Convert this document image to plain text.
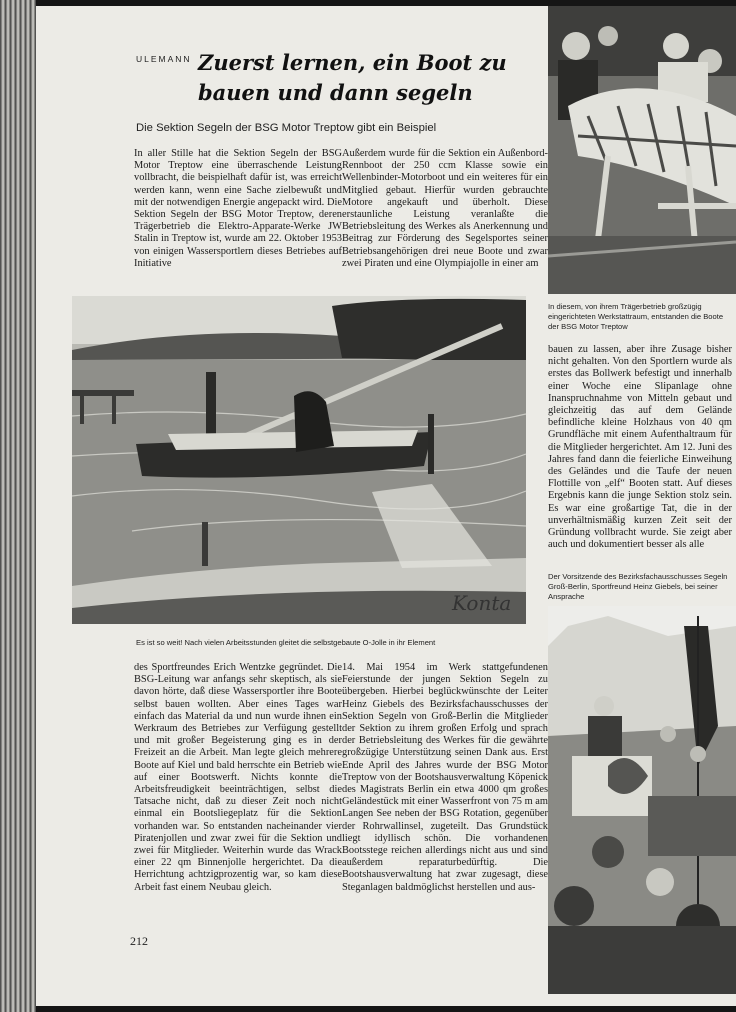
ULEMANN Zuerst lernen, ein Boot zu bauen und dann segeln
Die Sektion Segeln der BSG Motor Treptow gibt ein Beispiel

In aller Stille hat die Sektion Segeln der BSG Motor Treptow eine überraschende Leistung vollbracht, die beispielhaft dafür ist, was erreicht werden kann, wenn eine Sache zielbewußt und mit der notwendigen Energie angepackt wird. Die Sektion Segeln der BSG Motor Treptow, deren Trägerbetrieb die Elektro-Apparate-Werke JW Stalin in Treptow ist, wurde am 22. Oktober 1953 von einigen Wassersportlern dieses Betriebes auf Initiative

Außerdem wurde für die Sektion ein Außenbord-Rennboot der 250 ccm Klasse sowie ein Wellenbinder-Motorboot und ein weiteres für ein Mitglied gebaut. Hierfür wurden gebrauchte Motore angekauft und überholt. Diese erstaunliche Leistung veranlaßte die Betriebsleitung des Werkes als Anerkennung und Beitrag zur Förderung des Segelsportes seiner Betriebsangehörigen drei neue Boote und zwar zwei Piraten und eine Olympiajolle in einer am

In diesem, von ihrem Trägerbetrieb großzügig eingerichteten Werkstattraum, entstanden die Boote der BSG Motor Treptow

Konta

Es ist so weit! Nach vielen Arbeitsstunden gleitet die selbstgebaute O-Jolle in ihr Element

bauen zu lassen, aber ihre Zusage bisher nicht gehalten. Von den Sportlern wurde als erstes das Bollwerk befestigt und innerhalb einer Woche eine Slipanlage ohne Inanspruchnahme von Mitteln gebaut und gleichzeitig das auf dem Gelände befindliche kleine Holzhaus von 40 qm Grundfläche mit einem Aufenthaltraum für die Mitglieder hergerichtet. Am 12. Juni des Jahres fand dann die feierliche Einweihung des Geländes und die Taufe der neuen Flottille von „elf“ Booten statt. Auf dieses Ergebnis kann die junge Sektion stolz sein. Es war eine großartige Tat, die in der unverhältnismäßig kurzen Zeit seit der Gründung vollbracht wurde. Sie zeigt aber auch und dokumentiert besser als alle

Der Vorsitzende des Bezirksfachausschusses Segeln Groß-Berlin, Sportfreund Heinz Giebels, bei seiner Ansprache

des Sportfreundes Erich Wentzke gegründet. Die BSG-Leitung war anfangs sehr skeptisch, als sie davon hörte, daß diese Wassersportler ihre Boote selbst bauen wollten. Aber eines Tages war einfach das Material da und nun wurde ihnen ein Werkraum des Betriebes zur Verfügung gestellt und mit großer Begeisterung ging es in der Freizeit an die Arbeit. Man legte gleich mehrere Boote auf Kiel und bald herrschte ein Betrieb wie auf einer Bootswerft. Nichts konnte die Arbeitsfreudigkeit beeinträchtigen, selbst die Tatsache nicht, daß zu dieser Zeit noch nicht einmal ein Bootsliegeplatz für die Sektion vorhanden war. So entstanden nacheinander vier Piratenjollen und zwar zwei für die Sektion und zwei für Mitglieder. Weiterhin wurde das Wrack einer 22 qm Binnenjolle hergerichtet. Da die Herrichtung achtzigprozentig war, so kam diese Arbeit fast einem Neubau gleich.

14. Mai 1954 im Werk stattgefundenen Feierstunde der jungen Sektion Segeln zu übergeben. Hierbei beglückwünschte der Leiter Heinz Giebels des Bezirksfachausschusses der Sektion Segeln von Groß-Berlin die Mitglieder der Sektion zu ihrem großen Erfolg und sprach der Betriebsleitung des Werkes für die gewährte großzügige Unterstützung seinen Dank aus. Erst Ende April des Jahres wurde der BSG Motor Treptow von der Bootshausverwaltung Köpenick des Magistrats Berlin ein etwa 4000 qm großes Geländestück mit einer Wasserfront von 75 m am Langen See neben der BSG Rotation, gegenüber der Rohrwallinsel, zugeteilt. Das Grundstück liegt idyllisch schön. Die vorhandenen Bootsstege reichen allerdings nicht aus und sind außerdem reparaturbedürftig. Die Bootshausverwaltung hat zwar zugesagt, diese Steganlagen baldmöglichst herstellen und aus-

212
